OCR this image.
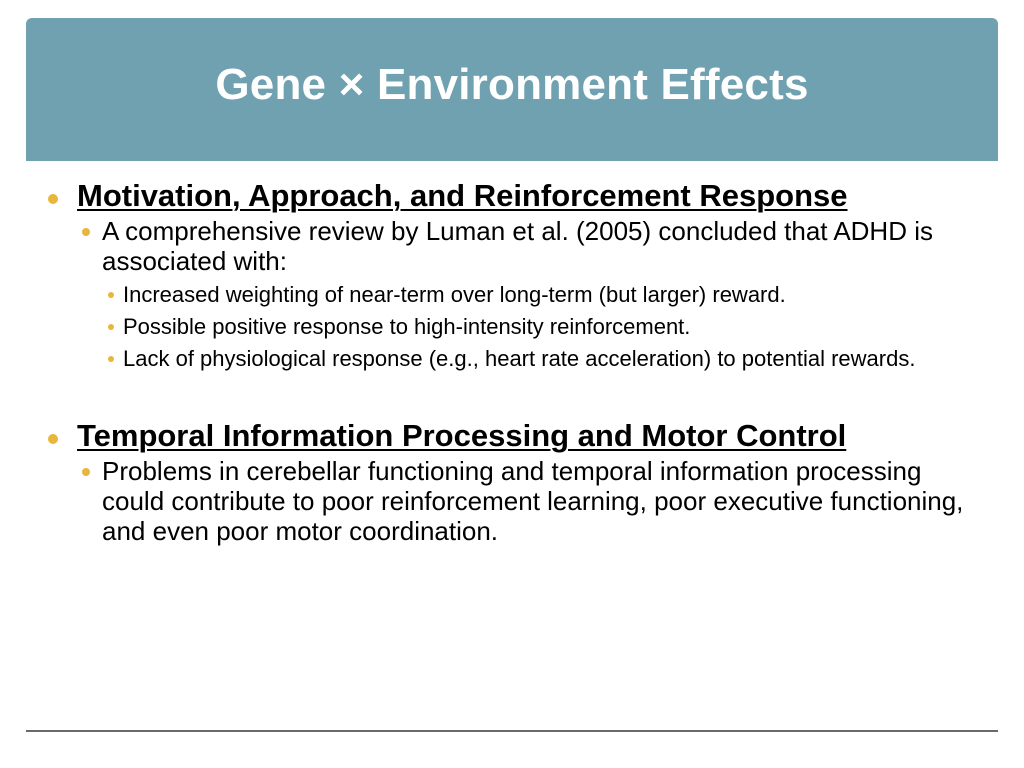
Gene × Environment Effects
Motivation, Approach, and Reinforcement Response
A comprehensive review by Luman et al. (2005) concluded that ADHD is associated with:
Increased weighting of near-term over long-term (but larger) reward.
Possible positive response to high-intensity reinforcement.
Lack of physiological response (e.g., heart rate acceleration) to potential rewards.
Temporal Information Processing and Motor Control
Problems in cerebellar functioning and temporal information processing could contribute to poor reinforcement learning, poor executive functioning, and even poor motor coordination.
